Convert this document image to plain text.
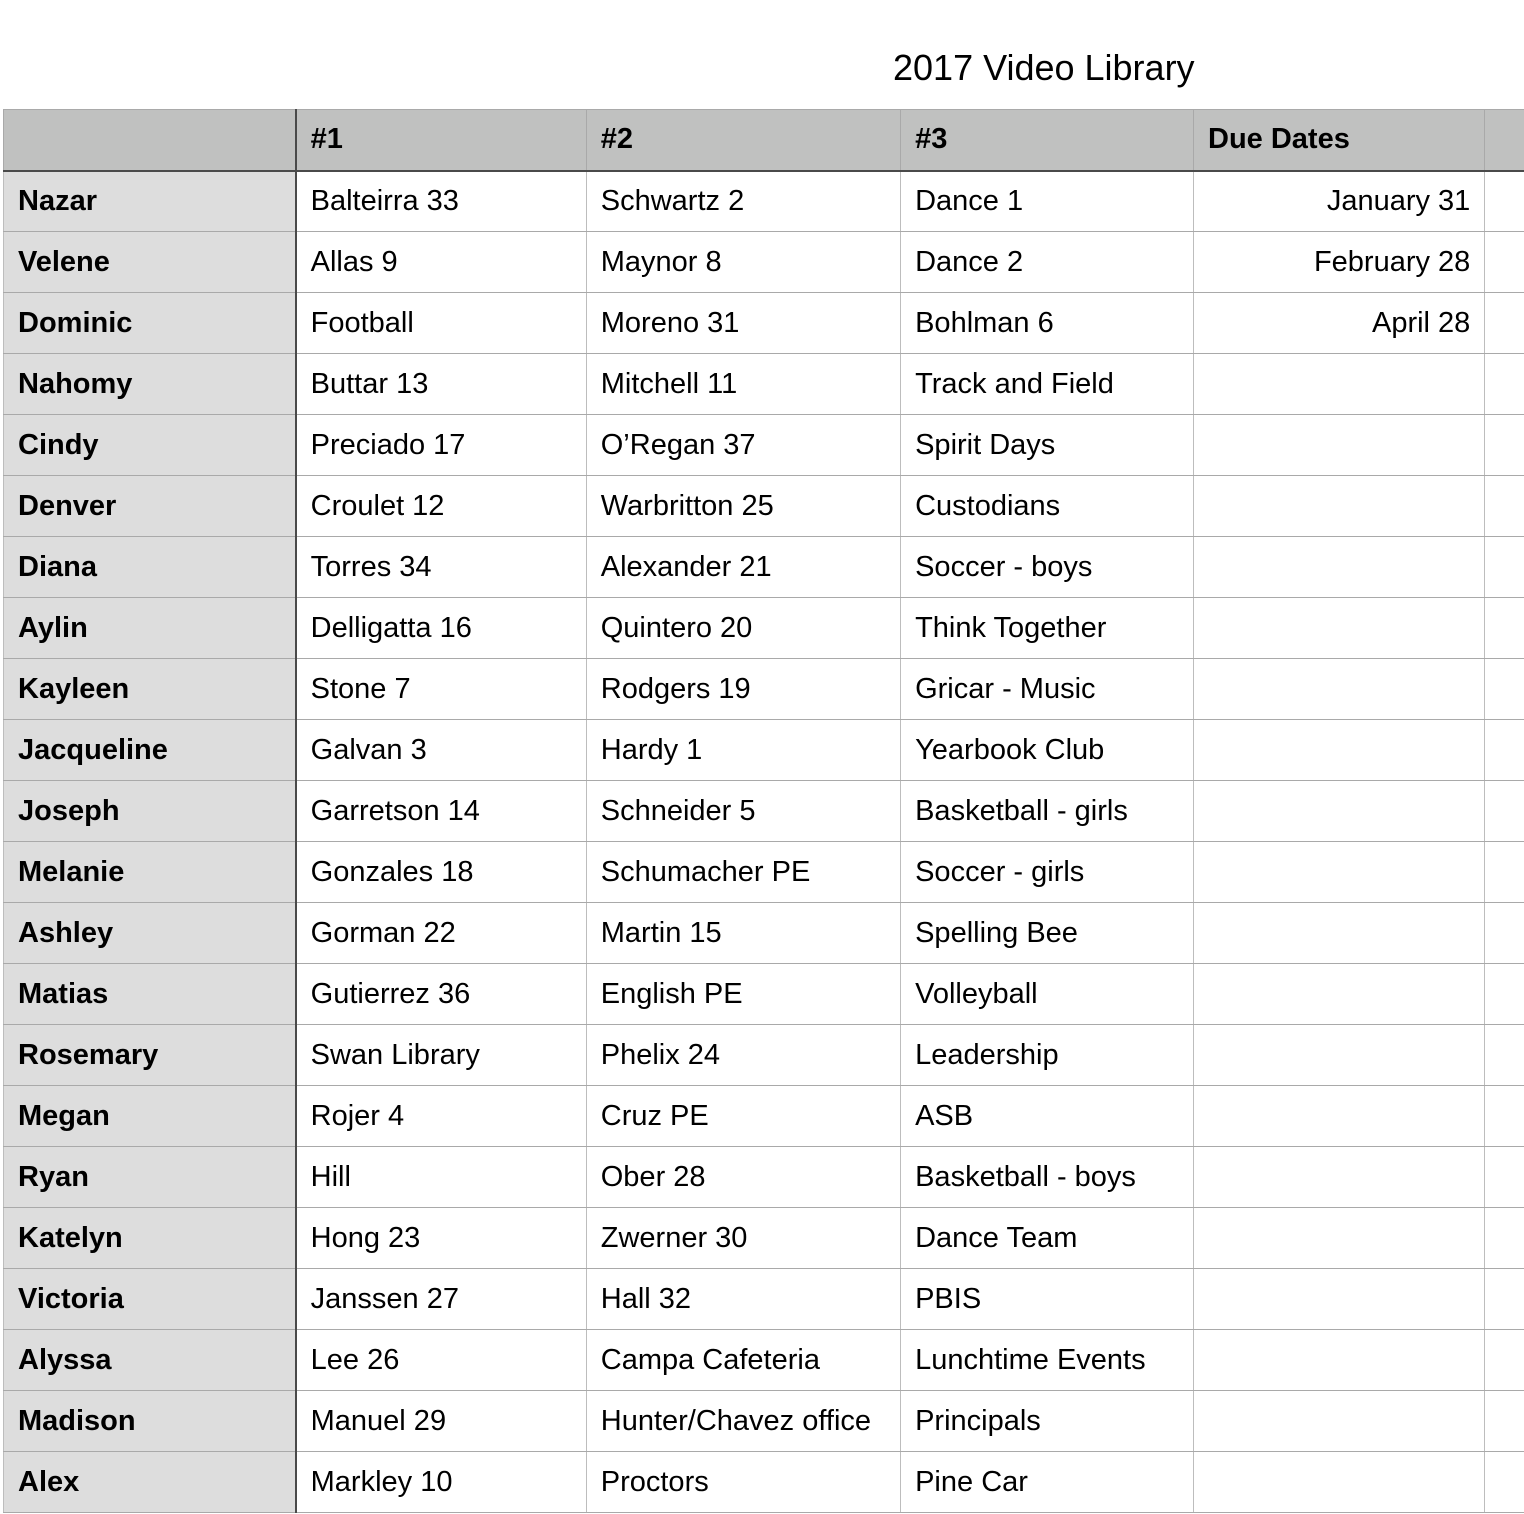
2017 Video Library
	#1	#2	#3	Due Dates	
Nazar	Balteirra 33	Schwartz 2	Dance 1	January 31	
Velene	Allas 9	Maynor 8	Dance 2	February 28	
Dominic	Football	Moreno 31	Bohlman 6	April 28	
Nahomy	Buttar 13	Mitchell 11	Track and Field		
Cindy	Preciado 17	O’Regan 37	Spirit Days		
Denver	Croulet 12	Warbritton 25	Custodians		
Diana	Torres 34	Alexander 21	Soccer - boys		
Aylin	Delligatta 16	Quintero 20	Think Together		
Kayleen	Stone 7	Rodgers 19	Gricar - Music		
Jacqueline	Galvan 3	Hardy 1	Yearbook Club		
Joseph	Garretson 14	Schneider 5	Basketball - girls		
Melanie	Gonzales 18	Schumacher PE	Soccer - girls		
Ashley	Gorman 22	Martin 15	Spelling Bee		
Matias	Gutierrez 36	English PE	Volleyball		
Rosemary	Swan Library	Phelix 24	Leadership		
Megan	Rojer 4	Cruz PE	ASB		
Ryan	Hill	Ober 28	Basketball - boys		
Katelyn	Hong 23	Zwerner 30	Dance Team		
Victoria	Janssen 27	Hall 32	PBIS		
Alyssa	Lee 26	Campa Cafeteria	Lunchtime Events		
Madison	Manuel 29	Hunter/Chavez office	Principals		
Alex	Markley 10	Proctors	Pine Car		
